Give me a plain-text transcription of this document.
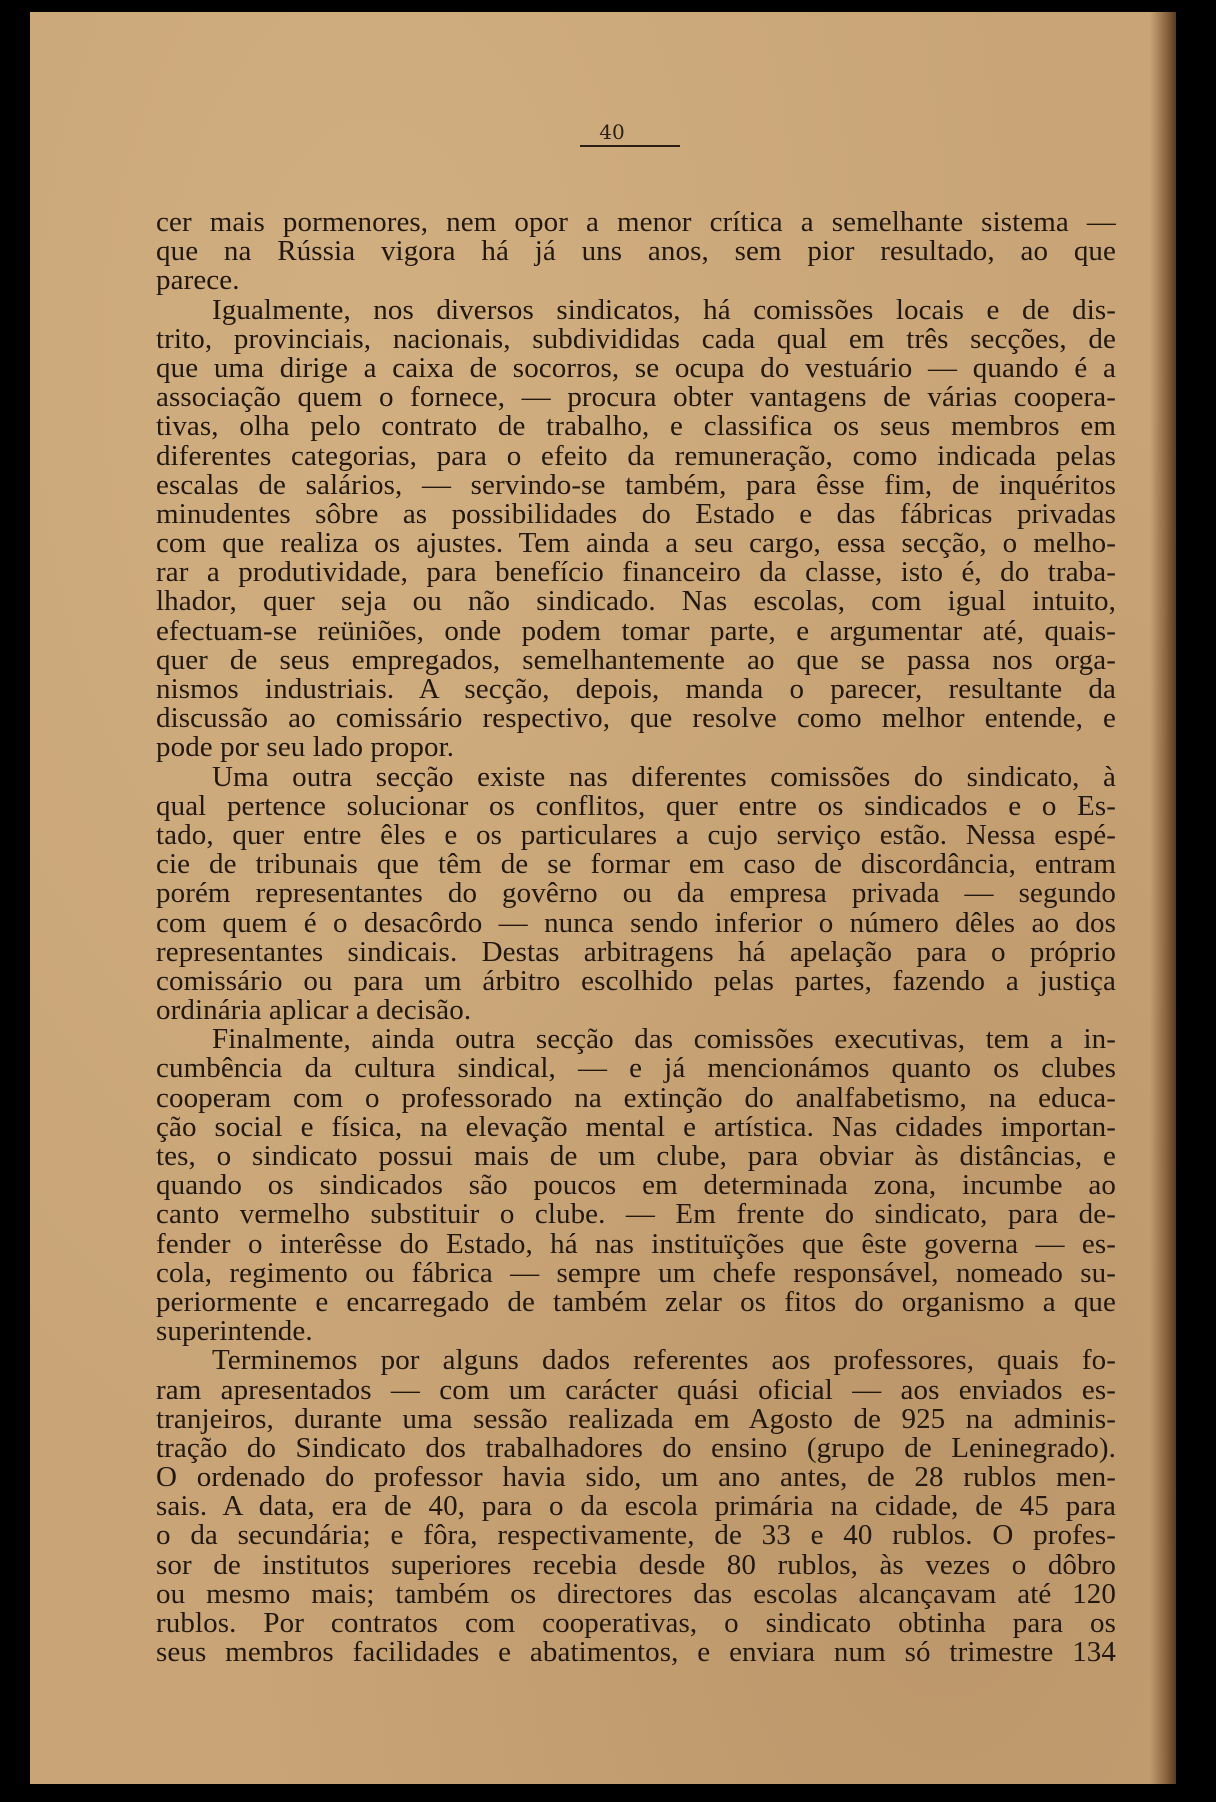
40
cer mais pormenores, nem opor a menor crítica a semelhante sistema —
que na Rússia vigora há já uns anos, sem pior resultado, ao que
parece.
Igualmente, nos diversos sindicatos, há comissões locais e de dis-
trito, provinciais, nacionais, subdivididas cada qual em três secções, de
que uma dirige a caixa de socorros, se ocupa do vestuário — quando é a
associação quem o fornece, — procura obter vantagens de várias coopera-
tivas, olha pelo contrato de trabalho, e classifica os seus membros em
diferentes categorias, para o efeito da remuneração, como indicada pelas
escalas de salários, — servindo-se também, para êsse fim, de inquéritos
minudentes sôbre as possibilidades do Estado e das fábricas privadas
com que realiza os ajustes. Tem ainda a seu cargo, essa secção, o melho-
rar a produtividade, para benefício financeiro da classe, isto é, do traba-
lhador, quer seja ou não sindicado. Nas escolas, com igual intuito,
efectuam-se reüniões, onde podem tomar parte, e argumentar até, quais-
quer de seus empregados, semelhantemente ao que se passa nos orga-
nismos industriais. A secção, depois, manda o parecer, resultante da
discussão ao comissário respectivo, que resolve como melhor entende, e
pode por seu lado propor.
Uma outra secção existe nas diferentes comissões do sindicato, à
qual pertence solucionar os conflitos, quer entre os sindicados e o Es-
tado, quer entre êles e os particulares a cujo serviço estão. Nessa espé-
cie de tribunais que têm de se formar em caso de discordância, entram
porém representantes do govêrno ou da empresa privada — segundo
com quem é o desacôrdo — nunca sendo inferior o número dêles ao dos
representantes sindicais. Destas arbitragens há apelação para o próprio
comissário ou para um árbitro escolhido pelas partes, fazendo a justiça
ordinária aplicar a decisão.
Finalmente, ainda outra secção das comissões executivas, tem a in-
cumbência da cultura sindical, — e já mencionámos quanto os clubes
cooperam com o professorado na extinção do analfabetismo, na educa-
ção social e física, na elevação mental e artística. Nas cidades importan-
tes, o sindicato possui mais de um clube, para obviar às distâncias, e
quando os sindicados são poucos em determinada zona, incumbe ao
canto vermelho substituir o clube. — Em frente do sindicato, para de-
fender o interêsse do Estado, há nas instituïções que êste governa — es-
cola, regimento ou fábrica — sempre um chefe responsável, nomeado su-
periormente e encarregado de também zelar os fitos do organismo a que
superintende.
Terminemos por alguns dados referentes aos professores, quais fo-
ram apresentados — com um carácter quási oficial — aos enviados es-
tranjeiros, durante uma sessão realizada em Agosto de 925 na adminis-
tração do Sindicato dos trabalhadores do ensino (grupo de Leninegrado).
O ordenado do professor havia sido, um ano antes, de 28 rublos men-
sais. A data, era de 40, para o da escola primária na cidade, de 45 para
o da secundária; e fôra, respectivamente, de 33 e 40 rublos. O profes-
sor de institutos superiores recebia desde 80 rublos, às vezes o dôbro
ou mesmo mais; também os directores das escolas alcançavam até 120
rublos. Por contratos com cooperativas, o sindicato obtinha para os
seus membros facilidades e abatimentos, e enviara num só trimestre 134
